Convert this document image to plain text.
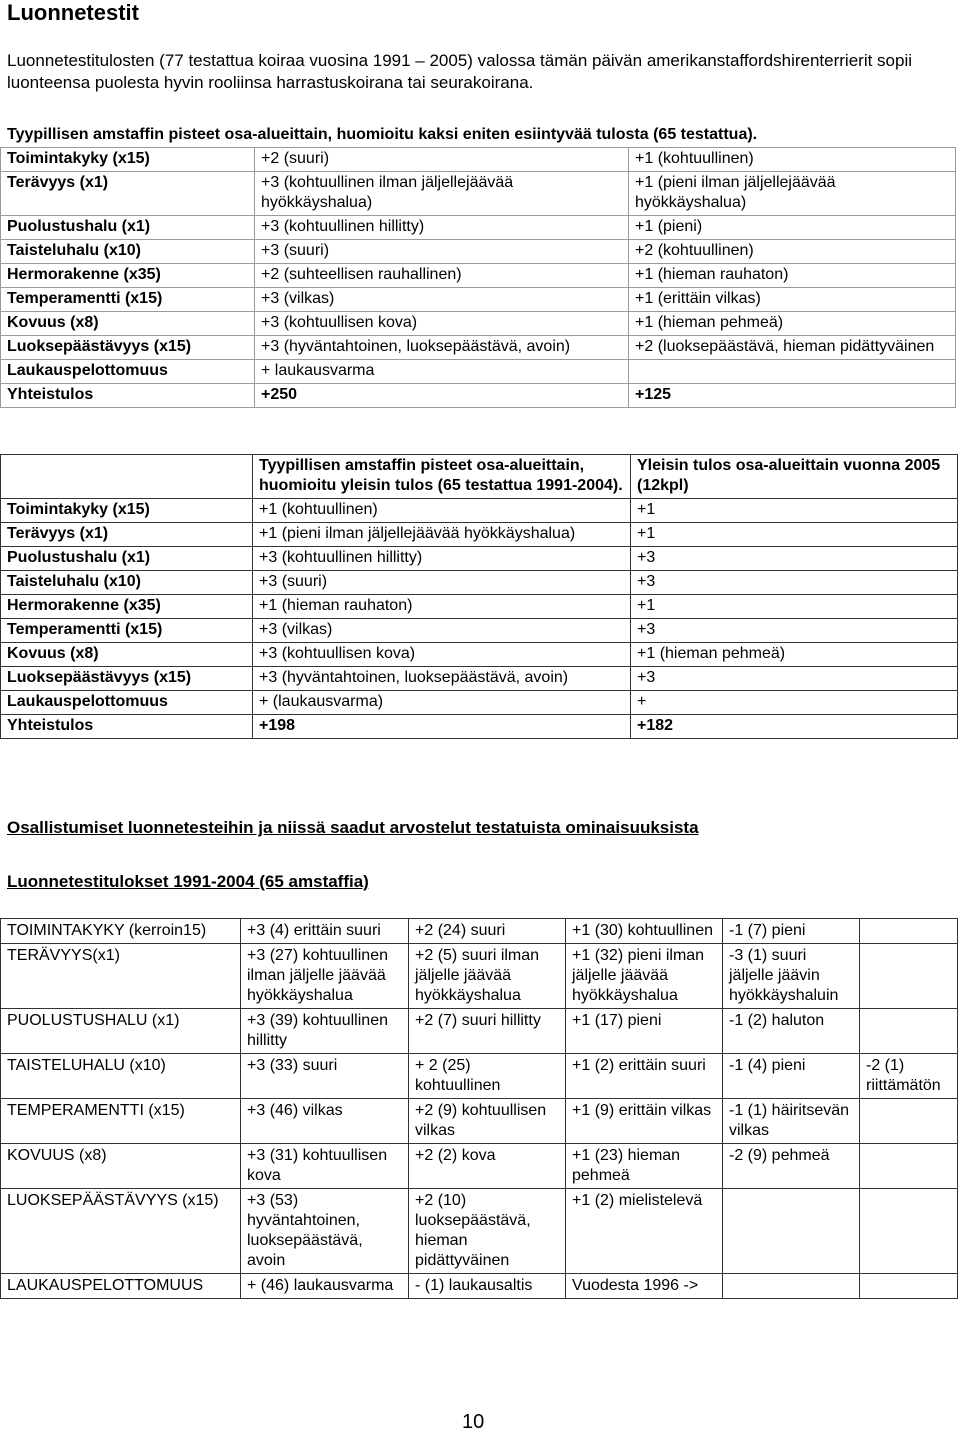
Luonnetestit

Luonnetestitulosten (77 testattua koiraa vuosina 1991 – 2005) valossa tämän päivän amerikanstaffordshirenterrierit sopii luonteensa puolesta hyvin rooliinsa harrastuskoirana tai seurakoirana.

Tyypillisen amstaffin pisteet osa-alueittain, huomioitu kaksi eniten esiintyvää tulosta (65 testattua).

Toimintakyky (x15)	+2 (suuri)	+1 (kohtuullinen)
Terävyys (x1)	+3 (kohtuullinen ilman jäljellejäävää hyökkäyshalua)	+1 (pieni ilman jäljellejäävää hyökkäyshalua)
Puolustushalu (x1)	+3 (kohtuullinen hillitty)	+1 (pieni)
Taisteluhalu (x10)	+3 (suuri)	+2 (kohtuullinen)
Hermorakenne (x35)	+2 (suhteellisen rauhallinen)	+1 (hieman rauhaton)
Temperamentti (x15)	+3 (vilkas)	+1 (erittäin vilkas)
Kovuus (x8)	+3 (kohtuullisen kova)	+1 (hieman pehmeä)
Luoksepäästävyys (x15)	+3 (hyväntahtoinen, luoksepäästävä, avoin)	+2 (luoksepäästävä, hieman pidättyväinen
Laukauspelottomuus	+ laukausvarma	
Yhteistulos	+250	+125
	Tyypillisen amstaffin pisteet osa-alueittain, huomioitu yleisin tulos (65 testattua 1991-2004).	Yleisin tulos osa-alueittain vuonna 2005 (12kpl)
Toimintakyky (x15)	+1 (kohtuullinen)	+1
Terävyys (x1)	+1 (pieni ilman jäljellejäävää hyökkäyshalua)	+1
Puolustushalu (x1)	+3 (kohtuullinen hillitty)	+3
Taisteluhalu (x10)	+3 (suuri)	+3
Hermorakenne (x35)	+1 (hieman rauhaton)	+1
Temperamentti (x15)	+3 (vilkas)	+3
Kovuus (x8)	+3 (kohtuullisen kova)	+1 (hieman pehmeä)
Luoksepäästävyys (x15)	+3 (hyväntahtoinen, luoksepäästävä, avoin)	+3
Laukauspelottomuus	+ (laukausvarma)	+
Yhteistulos	+198	+182

Osallistumiset luonnetesteihin ja niissä saadut arvostelut testatuista ominaisuuksista

Luonnetestitulokset 1991-2004 (65 amstaffia)

TOIMINTAKYKY (kerroin15)	+3 (4) erittäin suuri	+2 (24) suuri	+1 (30) kohtuullinen	-1 (7) pieni	
TERÄVYYS(x1)	+3 (27) kohtuullinen ilman jäljelle jäävää hyökkäyshalua	+2 (5) suuri ilman jäljelle jäävää hyökkäyshalua	+1 (32) pieni ilman jäljelle jäävää hyökkäyshalua	-3 (1) suuri jäljelle jäävin hyökkäyshaluin	
PUOLUSTUSHALU (x1)	+3 (39) kohtuullinen hillitty	+2 (7) suuri hillitty	+1 (17) pieni	-1 (2) haluton	
TAISTELUHALU (x10)	+3 (33) suuri	+ 2 (25) kohtuullinen	+1 (2) erittäin suuri	-1 (4) pieni	-2 (1) riittämätön
TEMPERAMENTTI (x15)	+3 (46) vilkas	+2 (9) kohtuullisen vilkas	+1 (9) erittäin vilkas	-1 (1) häiritsevän vilkas	
KOVUUS (x8)	+3 (31) kohtuullisen kova	+2 (2) kova	+1 (23) hieman pehmeä	-2 (9) pehmeä	
LUOKSEPÄÄSTÄVYYS (x15)	+3 (53) hyväntahtoinen, luoksepäästävä, avoin	+2 (10) luoksepäästävä, hieman pidättyväinen	+1 (2) mielistelevä		
LAUKAUSPELOTTOMUUS	+ (46) laukausvarma	- (1) laukausaltis	Vuodesta 1996 ->		
10
